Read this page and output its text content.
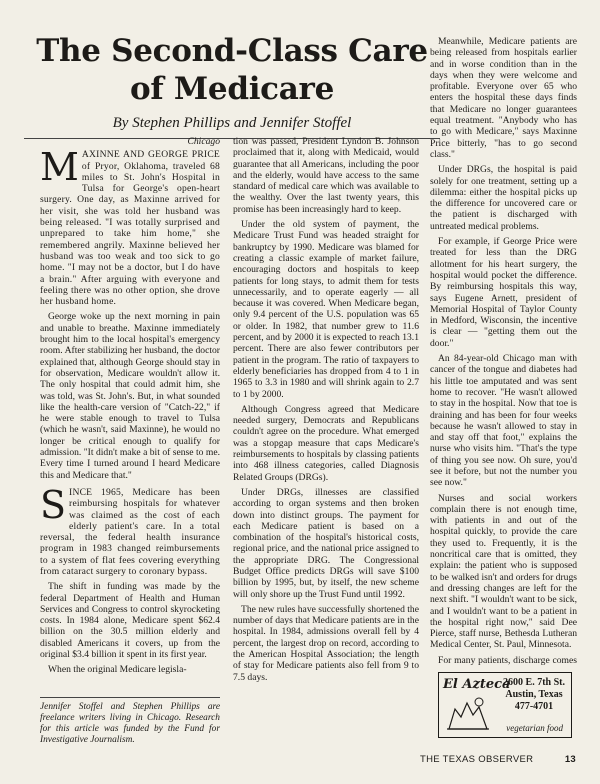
The Second-Class Care of Medicare

By Stephen Phillips and Jennifer Stoffel

Chicago

MAXINNE AND GEORGE PRICE of Pryor, Oklahoma, traveled 68 miles to St. John's Hospital in Tulsa for George's open-heart surgery. One day, as Maxinne arrived for her visit, she was told her husband was being released. "I was totally surprised and unprepared to take him home," she remembered angrily. Maxinne believed her husband was too weak and too sick to go home. "I may not be a doctor, but I do have a brain." After arguing with everyone and feeling there was no other option, she drove her husband home.

George woke up the next morning in pain and unable to breathe. Maxinne immediately brought him to the local hospital's emergency room. After stabilizing her husband, the doctor explained that, although George should stay in for observation, Medicare wouldn't allow it. The only hospital that could admit him, she was told, was St. John's. But, in what sounded like the health-care version of "Catch-22," if he were stable enough to travel to Tulsa (which he wasn't, said Maxinne), he would no longer be critical enough to qualify for admission. "It didn't make a bit of sense to me. Every time I turned around I heard Medicare this and Medicare that."

SINCE 1965, Medicare has been reimbursing hospitals for whatever was claimed as the cost of each elderly patient's care. In a total reversal, the federal health insurance program in 1983 changed reimbursements to a system of flat fees covering everything from cataract surgery to coronary bypass.

The shift in funding was made by the federal Department of Health and Human Services and Congress to control skyrocketing costs. In 1984 alone, Medicare spent $62.4 billion on the 30.5 million elderly and disabled Americans it covers, up from the original $3.4 billion it spent in its first year.

When the original Medicare legisla-

Jennifer Stoffel and Stephen Phillips are freelance writers living in Chicago. Research for this article was funded by the Fund for Investigative Journalism.

tion was passed, President Lyndon B. Johnson proclaimed that it, along with Medicaid, would guarantee that all Americans, including the poor and the elderly, would have access to the same standard of medical care which was available to the wealthy. Over the last twenty years, this promise has been increasingly hard to keep.

Under the old system of payment, the Medicare Trust Fund was headed straight for bankruptcy by 1990. Medicare was blamed for creating a classic example of market failure, encouraging doctors and hospitals to keep patients for long stays, to admit them for tests unnecessarily, and to operate eagerly — all because it was covered. When Medicare began, only 9.4 percent of the U.S. population was 65 or older. In 1982, that number grew to 11.6 percent, and by 2000 it is expected to reach 13.1 percent. There are also fewer contributors per patient in the program. The ratio of taxpayers to elderly beneficiaries has dropped from 4 to 1 in 1965 to 3.3 in 1980 and will shrink again to 2.7 to 1 by 2000.

Although Congress agreed that Medicare needed surgery, Democrats and Republicans couldn't agree on the procedure. What emerged was a stopgap measure that caps Medicare's reimbursements to hospitals by classing patients into 468 illness categories, called Diagnosis Related Groups (DRGs).

Under DRGs, illnesses are classified according to organ systems and then broken down into distinct groups. The payment for each Medicare patient is based on a combination of the hospital's historical costs, regional price, and the national price assigned to the appropriate DRG. The Congressional Budget Office predicts DRGs will save $100 billion by 1995, but, by itself, the new scheme will only shore up the Trust Fund until 1992.

The new rules have successfully shortened the number of days that Medicare patients are in the hospital. In 1984, admissions overall fell by 4 percent, the largest drop on record, according to the American Hospital Association; the length of stay for Medicare patients also fell from 9 to 7.5 days.

Meanwhile, Medicare patients are being released from hospitals earlier and in worse condition than in the days when they were welcome and profitable. Everyone over 65 who enters the hospital these days finds that Medicare no longer guarantees equal treatment. "Anybody who has to go with Medicare," says Maxinne Price bitterly, "has to go second class."

Under DRGs, the hospital is paid solely for one treatment, setting up a dilemma: either the hospital picks up the difference for uncovered care or the patient is discharged with untreated medical problems.

For example, if George Price were treated for less than the DRG allotment for his heart surgery, the hospital would pocket the difference. By reimbursing hospitals this way, says Eugene Arnett, president of Memorial Hospital of Taylor County in Medford, Wisconsin, the incentive is clear — "getting them out the door."

An 84-year-old Chicago man with cancer of the tongue and diabetes had his little toe amputated and was sent home to recover. "He wasn't allowed to stay in the hospital. Now that toe is draining and has been for four weeks because he wasn't allowed to stay in and stay off that foot," explains the nurse who visits him. "That's the type of thing you see now. Oh sure, you'd see it before, but not the number you see now."

Nurses and social workers complain there is not enough time, with patients in and out of the hospital quickly, to provide the care they used to. Frequently, it is the noncritical care that is omitted, they explain: the patient who is supposed to be walked isn't and orders for drugs and dressing changes are left for the next shift. "I wouldn't want to be sick, and I wouldn't want to be a patient in the hospital right now," said Dee Pierce, staff nurse, Bethesda Lutheran Medical Center, St. Paul, Minnesota.

For many patients, discharge comes

El Azteca
2600 E. 7th St.
Austin, Texas
477-4701
vegetarian food
THE TEXAS OBSERVER	13
